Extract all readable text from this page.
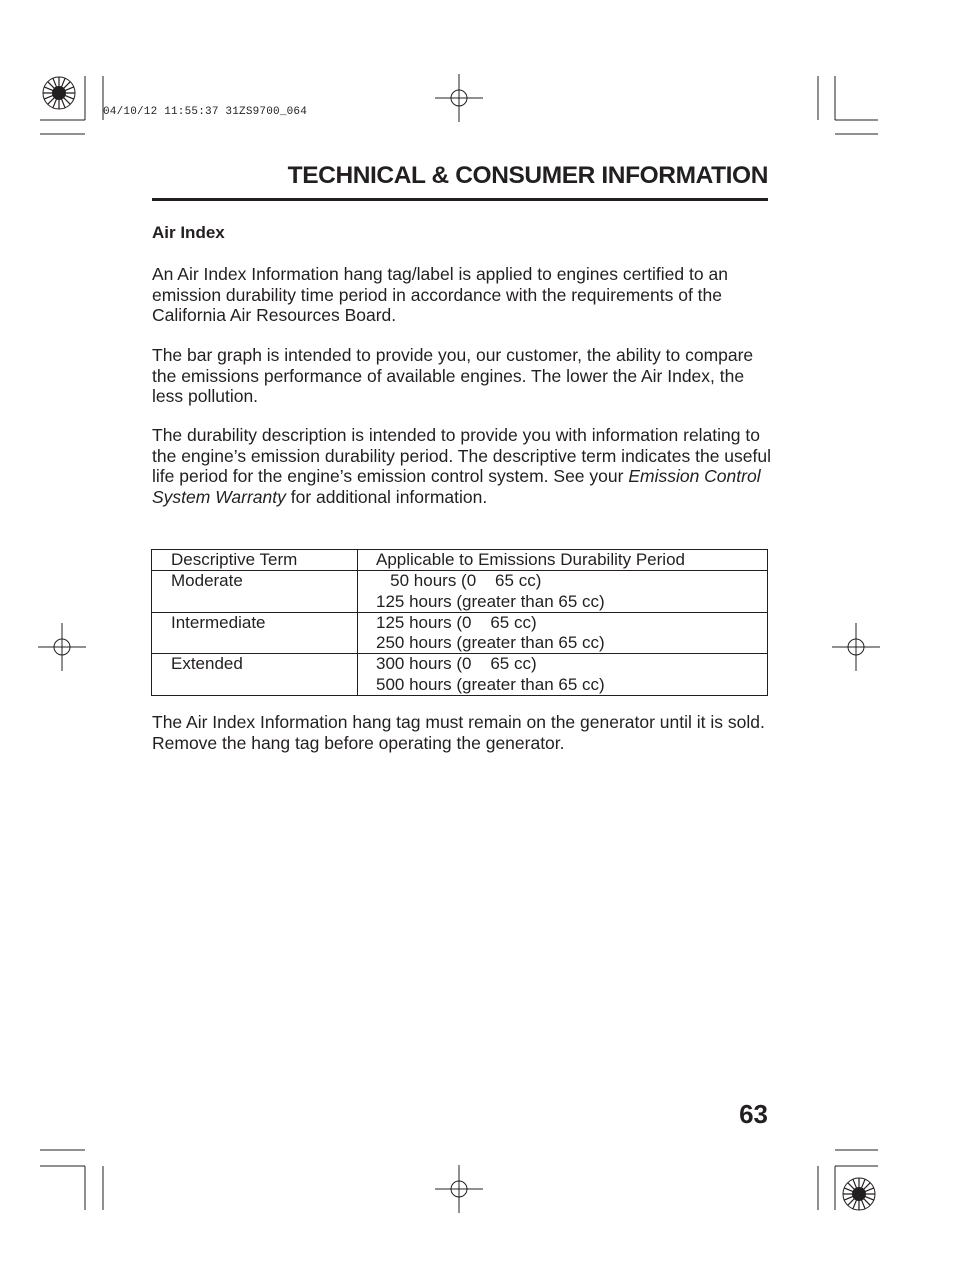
04/10/12 11:55:37 31ZS9700_064
TECHNICAL & CONSUMER INFORMATION
Air Index

An Air Index Information hang tag/label is applied to engines certified to an emission durability time period in accordance with the requirements of the California Air Resources Board.

The bar graph is intended to provide you, our customer, the ability to compare the emissions performance of available engines. The lower the Air Index, the less pollution.

The durability description is intended to provide you with information relating to the engine’s emission durability period. The descriptive term indicates the useful life period for the engine’s emission control system. See your Emission Control System Warranty for additional information.

Descriptive Term	Applicable to Emissions Durability Period
Moderate	50 hours (0    65 cc)
125 hours (greater than 65 cc)

Intermediate	125 hours (0    65 cc)
250 hours (greater than 65 cc)

Extended	300 hours (0    65 cc)
500 hours (greater than 65 cc)

The Air Index Information hang tag must remain on the generator until it is sold. Remove the hang tag before operating the generator.

63
